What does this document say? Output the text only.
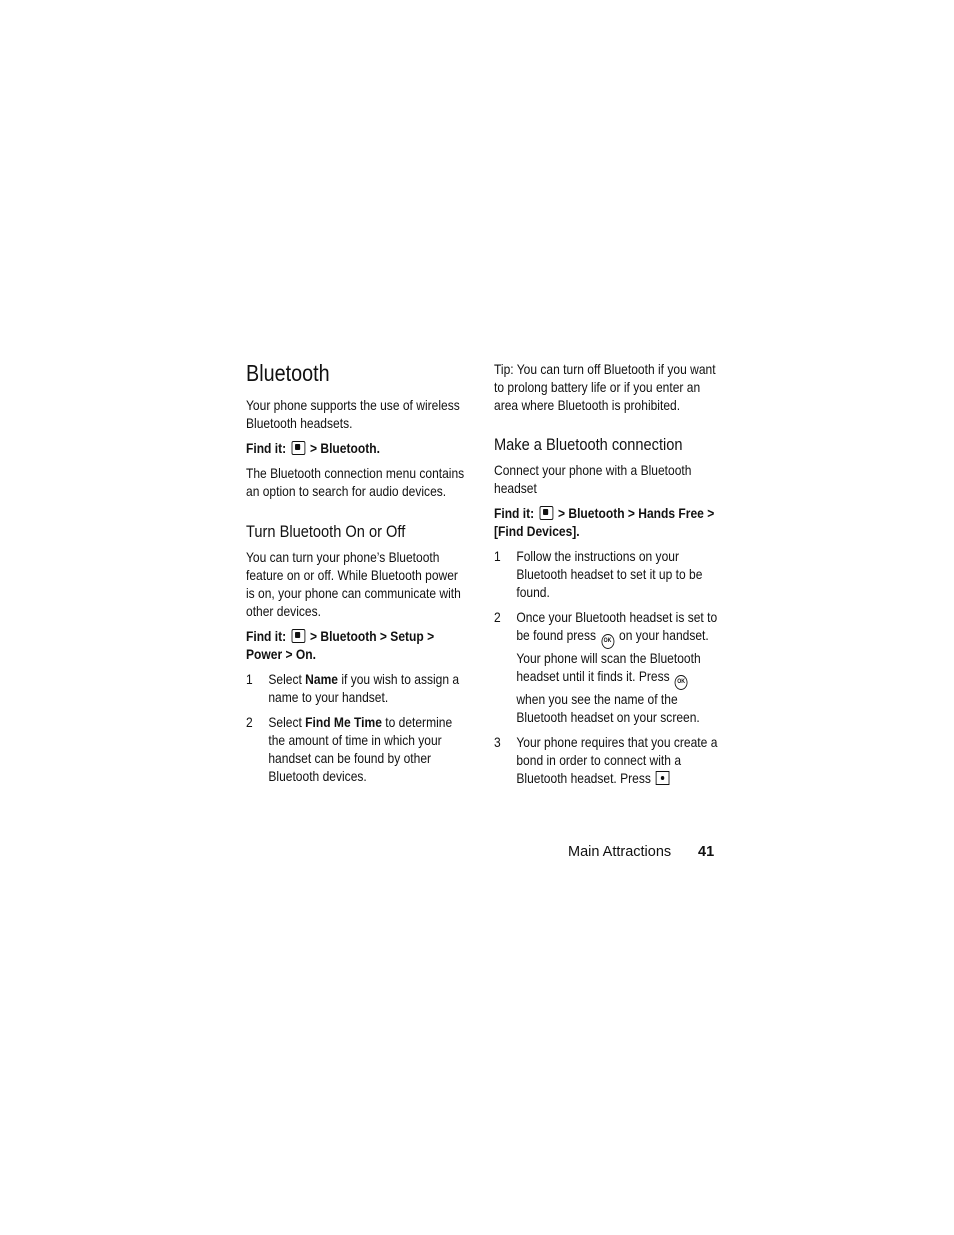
Bluetooth

Your phone supports the use of wireless Bluetooth headsets.

Find it: > Bluetooth.

The Bluetooth connection menu contains an option to search for audio devices.

Turn Bluetooth On or Off

You can turn your phone’s Bluetooth feature on or off. While Bluetooth power is on, your phone can communicate with other devices.

Find it: > Bluetooth > Setup > Power > On.

1	Select Name if you wish to assign a name to your handset.
2	Select Find Me Time to determine the amount of time in which your handset can be found by other Bluetooth devices.

Tip: You can turn off Bluetooth if you want to prolong battery life or if you enter an area where Bluetooth is prohibited.

Make a Bluetooth connection

Connect your phone with a Bluetooth headset

Find it: > Bluetooth > Hands Free > [Find Devices].

1	Follow the instructions on your Bluetooth headset to set it up to be found.
2	Once your Bluetooth headset is set to be found press OK on your handset. Your phone will scan the Bluetooth headset until it finds it. Press OK when you see the name of the Bluetooth headset on your screen.
3	Your phone requires that you create a bond in order to connect with a Bluetooth headset. Press
Main Attractions 41
